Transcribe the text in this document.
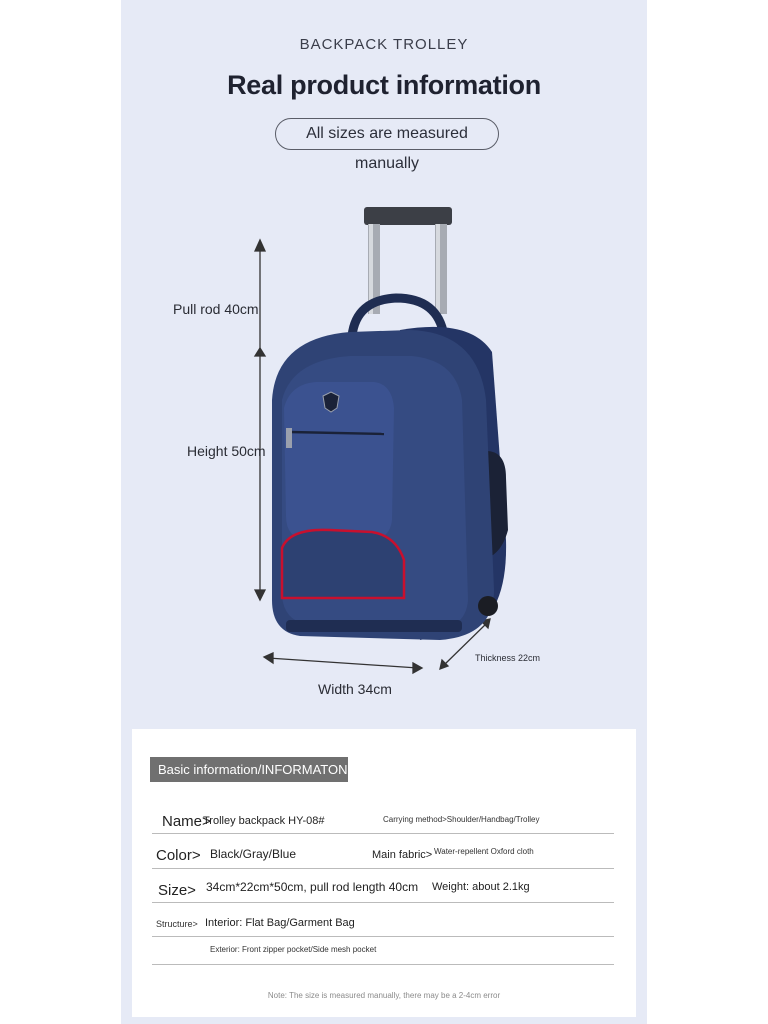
BACKPACK TROLLEY
Real product information
All sizes are measured manually
Pull rod 40cm
Height 50cm
Width 34cm
Thickness 22cm
Basic information/INFORMATON
Name>
Trolley backpack HY-08#	Carrying method>Shoulder/Handbag/Trolley
Color> Black/Gray/Blue	Main fabric> Water-repellent Oxford cloth
Size> 34cm*22cm*50cm, pull rod length 40cm Weight: about 2.1kg
Structure> Interior: Flat Bag/Garment Bag
Exterior: Front zipper pocket/Side mesh pocket
Note: The size is measured manually, there may be a 2-4cm error
